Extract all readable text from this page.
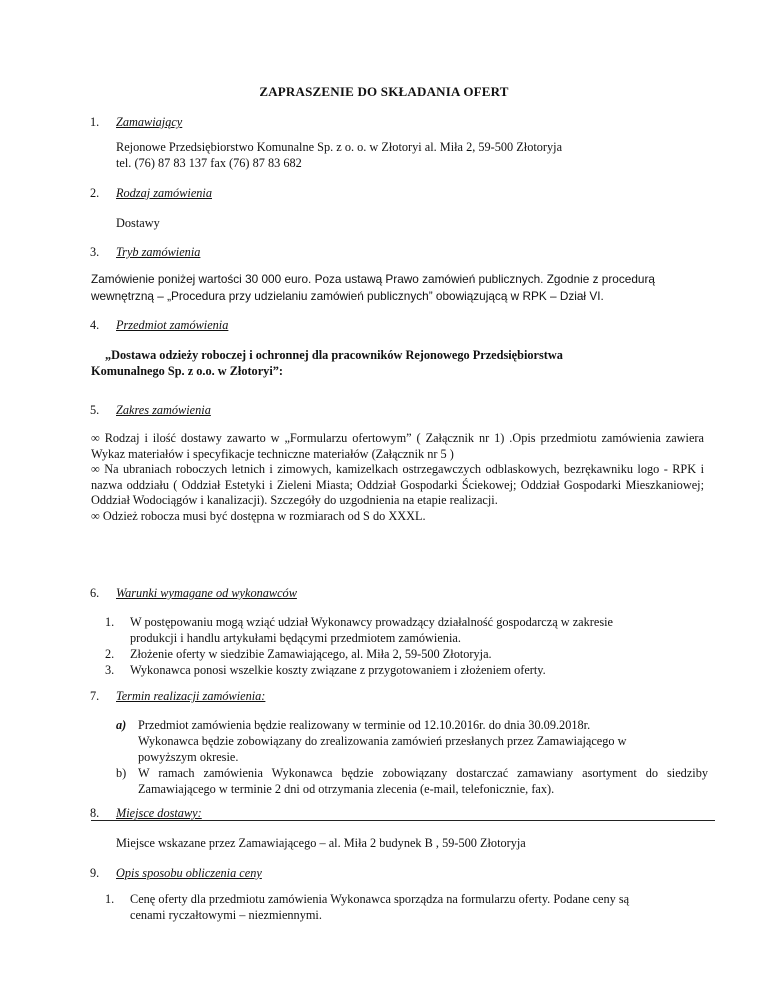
ZAPRASZENIE DO SKŁADANIA OFERT
1. Zamawiający
Rejonowe Przedsiębiorstwo Komunalne Sp. z o. o. w Złotoryi al. Miła 2, 59-500 Złotoryja
tel. (76) 87 83 137 fax (76) 87 83 682
2. Rodzaj zamówienia
Dostawy
3. Tryb zamówienia
Zamówienie poniżej wartości 30 000 euro. Poza ustawą Prawo zamówień publicznych. Zgodnie z procedurą
wewnętrzną – „Procedura przy udzielaniu zamówień publicznych” obowiązującą w RPK – Dział VI.
4. Przedmiot zamówienia
„Dostawa odzieży roboczej i ochronnej dla pracowników Rejonowego Przedsiębiorstwa
Komunalnego Sp. z o.o. w Złotoryi”:
5. Zakres zamówienia

∞ Rodzaj i ilość dostawy zawarto w „Formularzu ofertowym” ( Załącznik nr 1) .Opis przedmiotu zamówienia zawiera Wykaz materiałów i specyfikacje techniczne materiałów (Załącznik nr 5 )

∞ Na ubraniach roboczych letnich i zimowych, kamizelkach ostrzegawczych odblaskowych, bezrękawniku logo - RPK i nazwa oddziału ( Oddział Estetyki i Zieleni Miasta; Oddział Gospodarki Ściekowej; Oddział Gospodarki Mieszkaniowej; Oddział Wodociągów i kanalizacji). Szczegóły do uzgodnienia na etapie realizacji.

∞ Odzież robocza musi być dostępna w rozmiarach od S do XXXL.

6. Warunki wymagane od wykonawców
1. W postępowaniu mogą wziąć udział Wykonawcy prowadzący działalność gospodarczą w zakresie
produkcji i handlu artykułami będącymi przedmiotem zamówienia.
2. Złożenie oferty w siedzibie Zamawiającego, al. Miła 2, 59-500 Złotoryja.
3. Wykonawca ponosi wszelkie koszty związane z przygotowaniem i złożeniem oferty.
7. Termin realizacji zamówienia:
a) Przedmiot zamówienia będzie realizowany w terminie od 12.10.2016r. do dnia 30.09.2018r.
Wykonawca będzie zobowiązany do zrealizowania zamówień przesłanych przez Zamawiającego w
powyższym okresie.
b) W ramach zamówienia Wykonawca będzie zobowiązany dostarczać zamawiany asortyment do siedziby
Zamawiającego w terminie 2 dni od otrzymania zlecenia (e-mail, telefonicznie, fax).
8. Miejsce dostawy:
Miejsce wskazane przez Zamawiającego – al. Miła 2 budynek B , 59-500 Złotoryja
9. Opis sposobu obliczenia ceny
1. Cenę oferty dla przedmiotu zamówienia Wykonawca sporządza na formularzu oferty. Podane ceny są
cenami ryczałtowymi – niezmiennymi.
